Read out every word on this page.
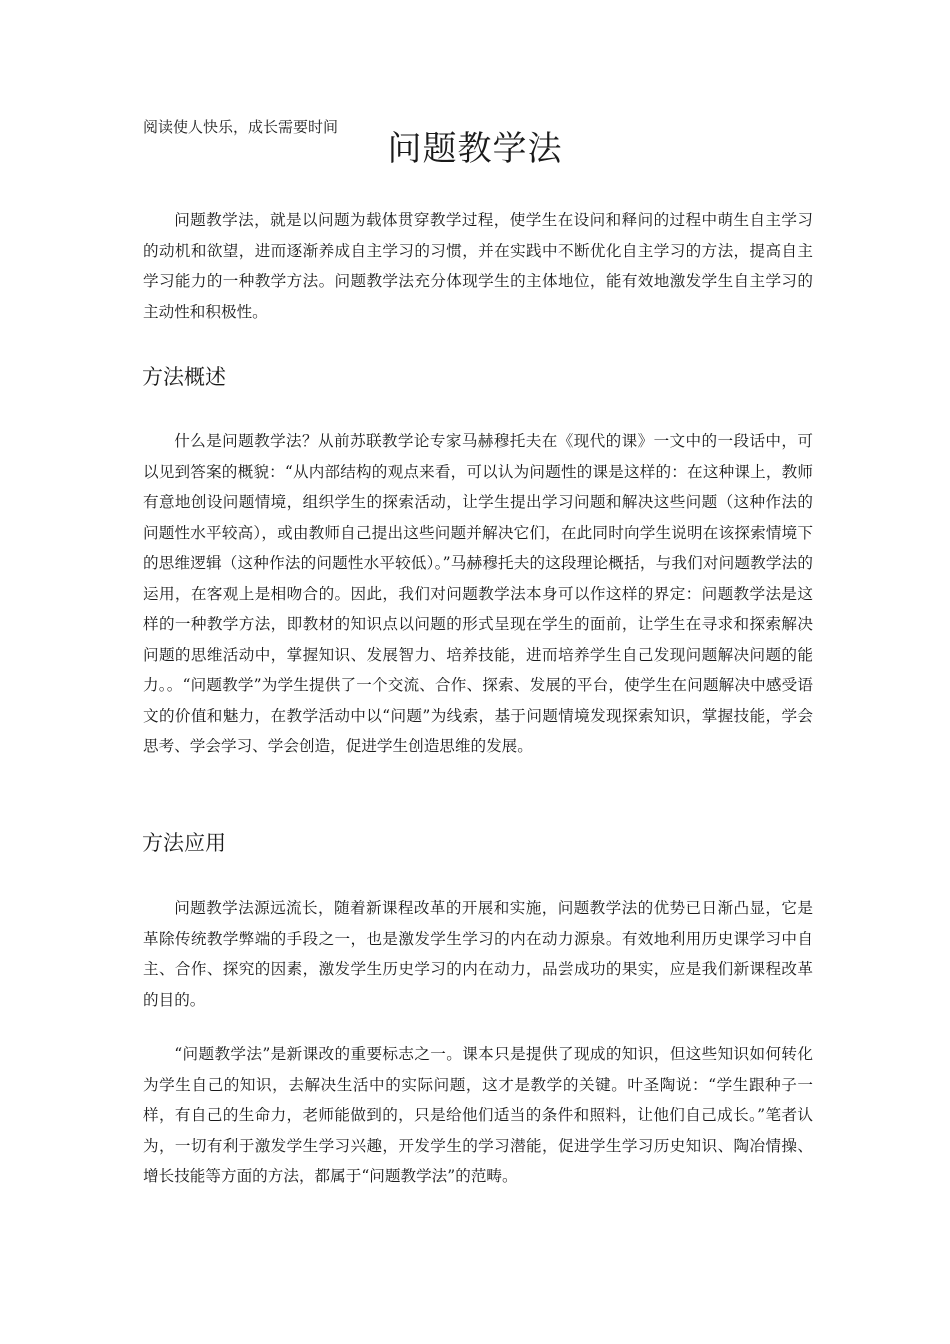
阅读使人快乐，成长需要时间
问题教学法
问题教学法，就是以问题为载体贯穿教学过程，使学生在设问和释问的过程中萌生自主学习的动机和欲望，进而逐渐养成自主学习的习惯，并在实践中不断优化自主学习的方法，提高自主学习能力的一种教学方法。问题教学法充分体现学生的主体地位，能有效地激发学生自主学习的主动性和积极性。
方法概述
什么是问题教学法？从前苏联教学论专家马赫穆托夫在《现代的课》一文中的一段话中，可以见到答案的概貌：“从内部结构的观点来看，可以认为问题性的课是这样的：在这种课上，教师有意地创设问题情境，组织学生的探索活动，让学生提出学习问题和解决这些问题（这种作法的问题性水平较高），或由教师自己提出这些问题并解决它们，在此同时向学生说明在该探索情境下的思维逻辑（这种作法的问题性水平较低）。”马赫穆托夫的这段理论概括，与我们对问题教学法的运用，在客观上是相吻合的。因此，我们对问题教学法本身可以作这样的界定：问题教学法是这样的一种教学方法，即教材的知识点以问题的形式呈现在学生的面前，让学生在寻求和探索解决问题的思维活动中，掌握知识、发展智力、培养技能，进而培养学生自己发现问题解决问题的能力。。“问题教学”为学生提供了一个交流、合作、探索、发展的平台，使学生在问题解决中感受语文的价值和魅力，在教学活动中以“问题”为线索，基于问题情境发现探索知识，掌握技能，学会思考、学会学习、学会创造，促进学生创造思维的发展。
方法应用
问题教学法源远流长，随着新课程改革的开展和实施，问题教学法的优势已日渐凸显，它是革除传统教学弊端的手段之一，也是激发学生学习的内在动力源泉。有效地利用历史课学习中自主、合作、探究的因素，激发学生历史学习的内在动力，品尝成功的果实，应是我们新课程改革的目的。
“问题教学法”是新课改的重要标志之一。课本只是提供了现成的知识，但这些知识如何转化为学生自己的知识，去解决生活中的实际问题，这才是教学的关键。叶圣陶说：“学生跟种子一样，有自己的生命力，老师能做到的，只是给他们适当的条件和照料，让他们自己成长。”笔者认为，一切有利于激发学生学习兴趣，开发学生的学习潜能，促进学生学习历史知识、陶冶情操、增长技能等方面的方法，都属于“问题教学法”的范畴。
